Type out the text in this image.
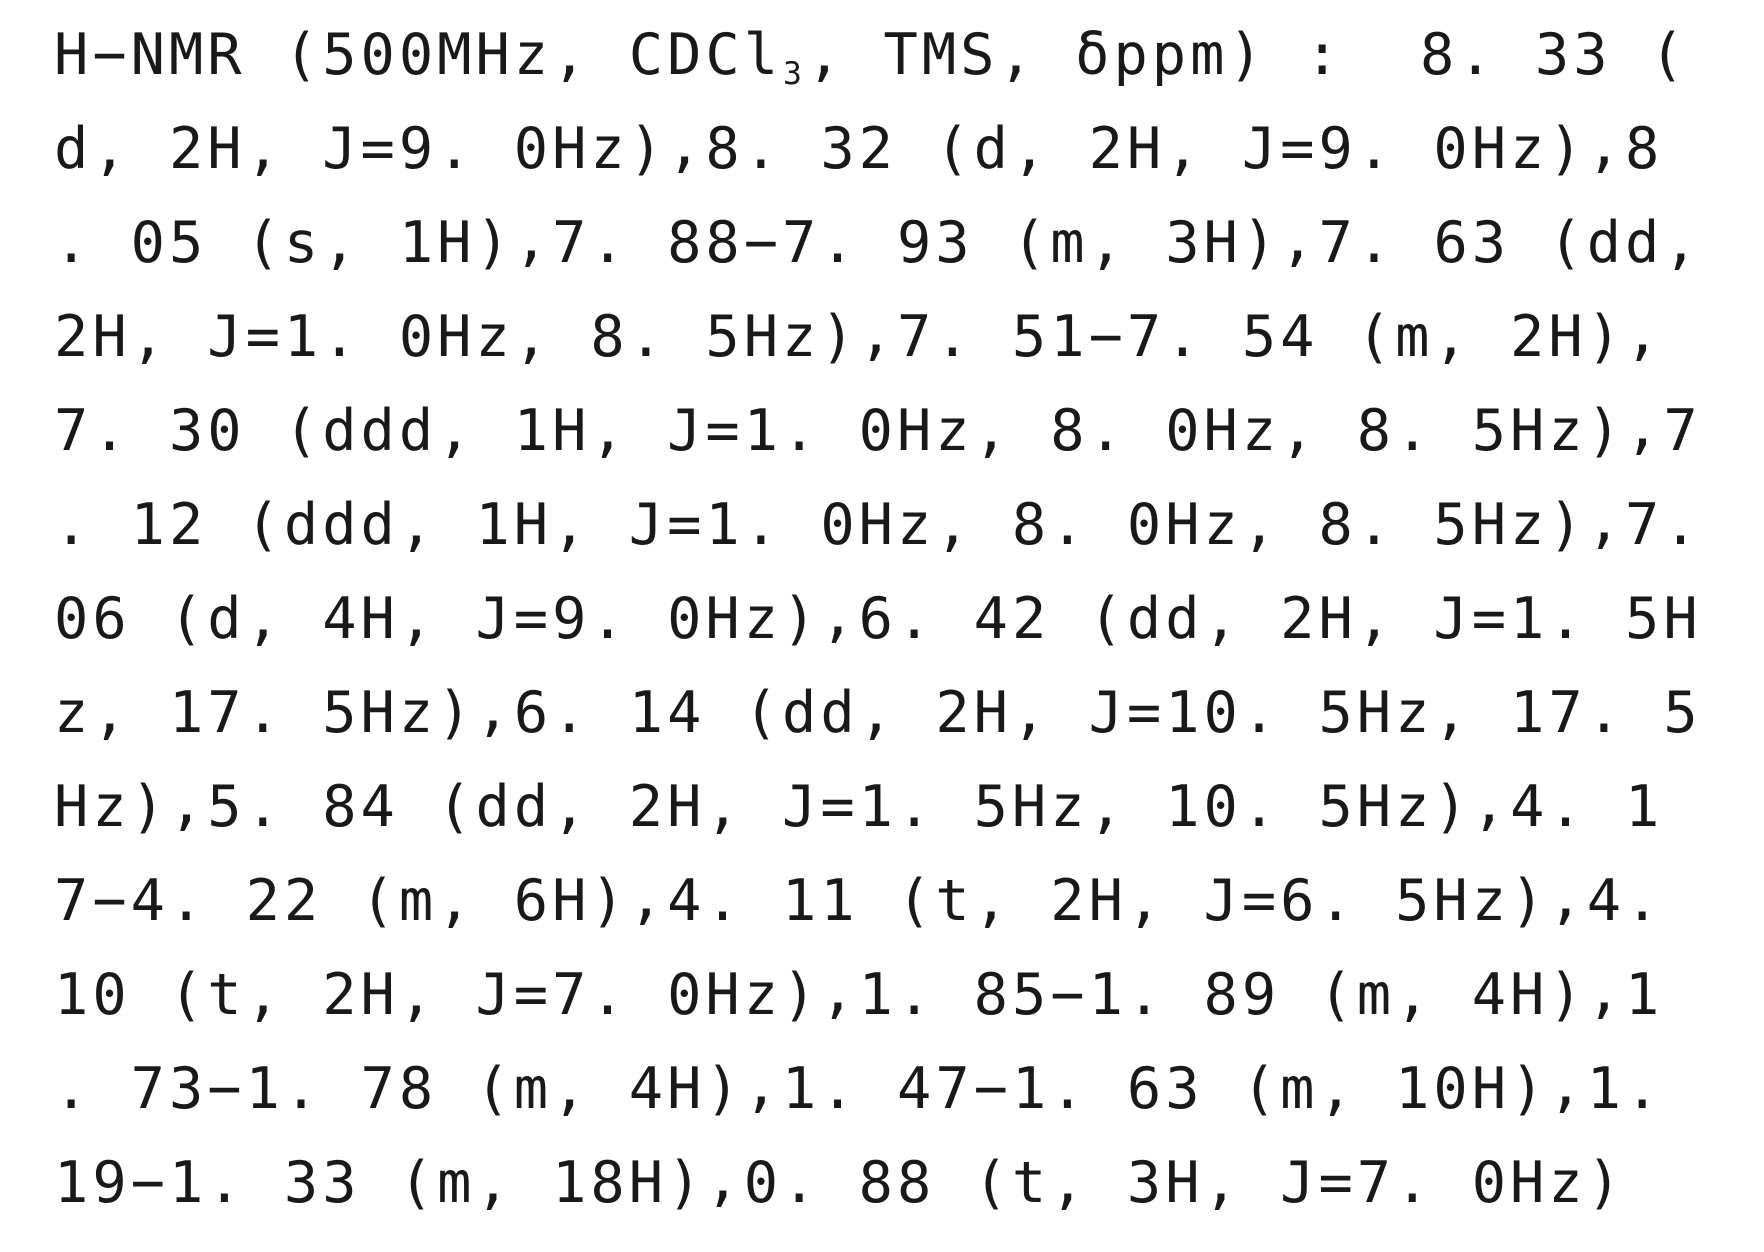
H−NMR (500MHz, CDCl$_3$, TMS, δppm) :  8. 33 (
d, 2H, J=9. 0Hz),8. 32 (d, 2H, J=9. 0Hz),8
. 05 (s, 1H),7. 88−7. 93 (m, 3H),7. 63 (dd,
2H, J=1. 0Hz, 8. 5Hz),7. 51−7. 54 (m, 2H),
7. 30 (ddd, 1H, J=1. 0Hz, 8. 0Hz, 8. 5Hz),7
. 12 (ddd, 1H, J=1. 0Hz, 8. 0Hz, 8. 5Hz),7.
06 (d, 4H, J=9. 0Hz),6. 42 (dd, 2H, J=1. 5H
z, 17. 5Hz),6. 14 (dd, 2H, J=10. 5Hz, 17. 5
Hz),5. 84 (dd, 2H, J=1. 5Hz, 10. 5Hz),4. 1
7−4. 22 (m, 6H),4. 11 (t, 2H, J=6. 5Hz),4.
10 (t, 2H, J=7. 0Hz),1. 85−1. 89 (m, 4H),1
. 73−1. 78 (m, 4H),1. 47−1. 63 (m, 10H),1.
19−1. 33 (m, 18H),0. 88 (t, 3H, J=7. 0Hz)
